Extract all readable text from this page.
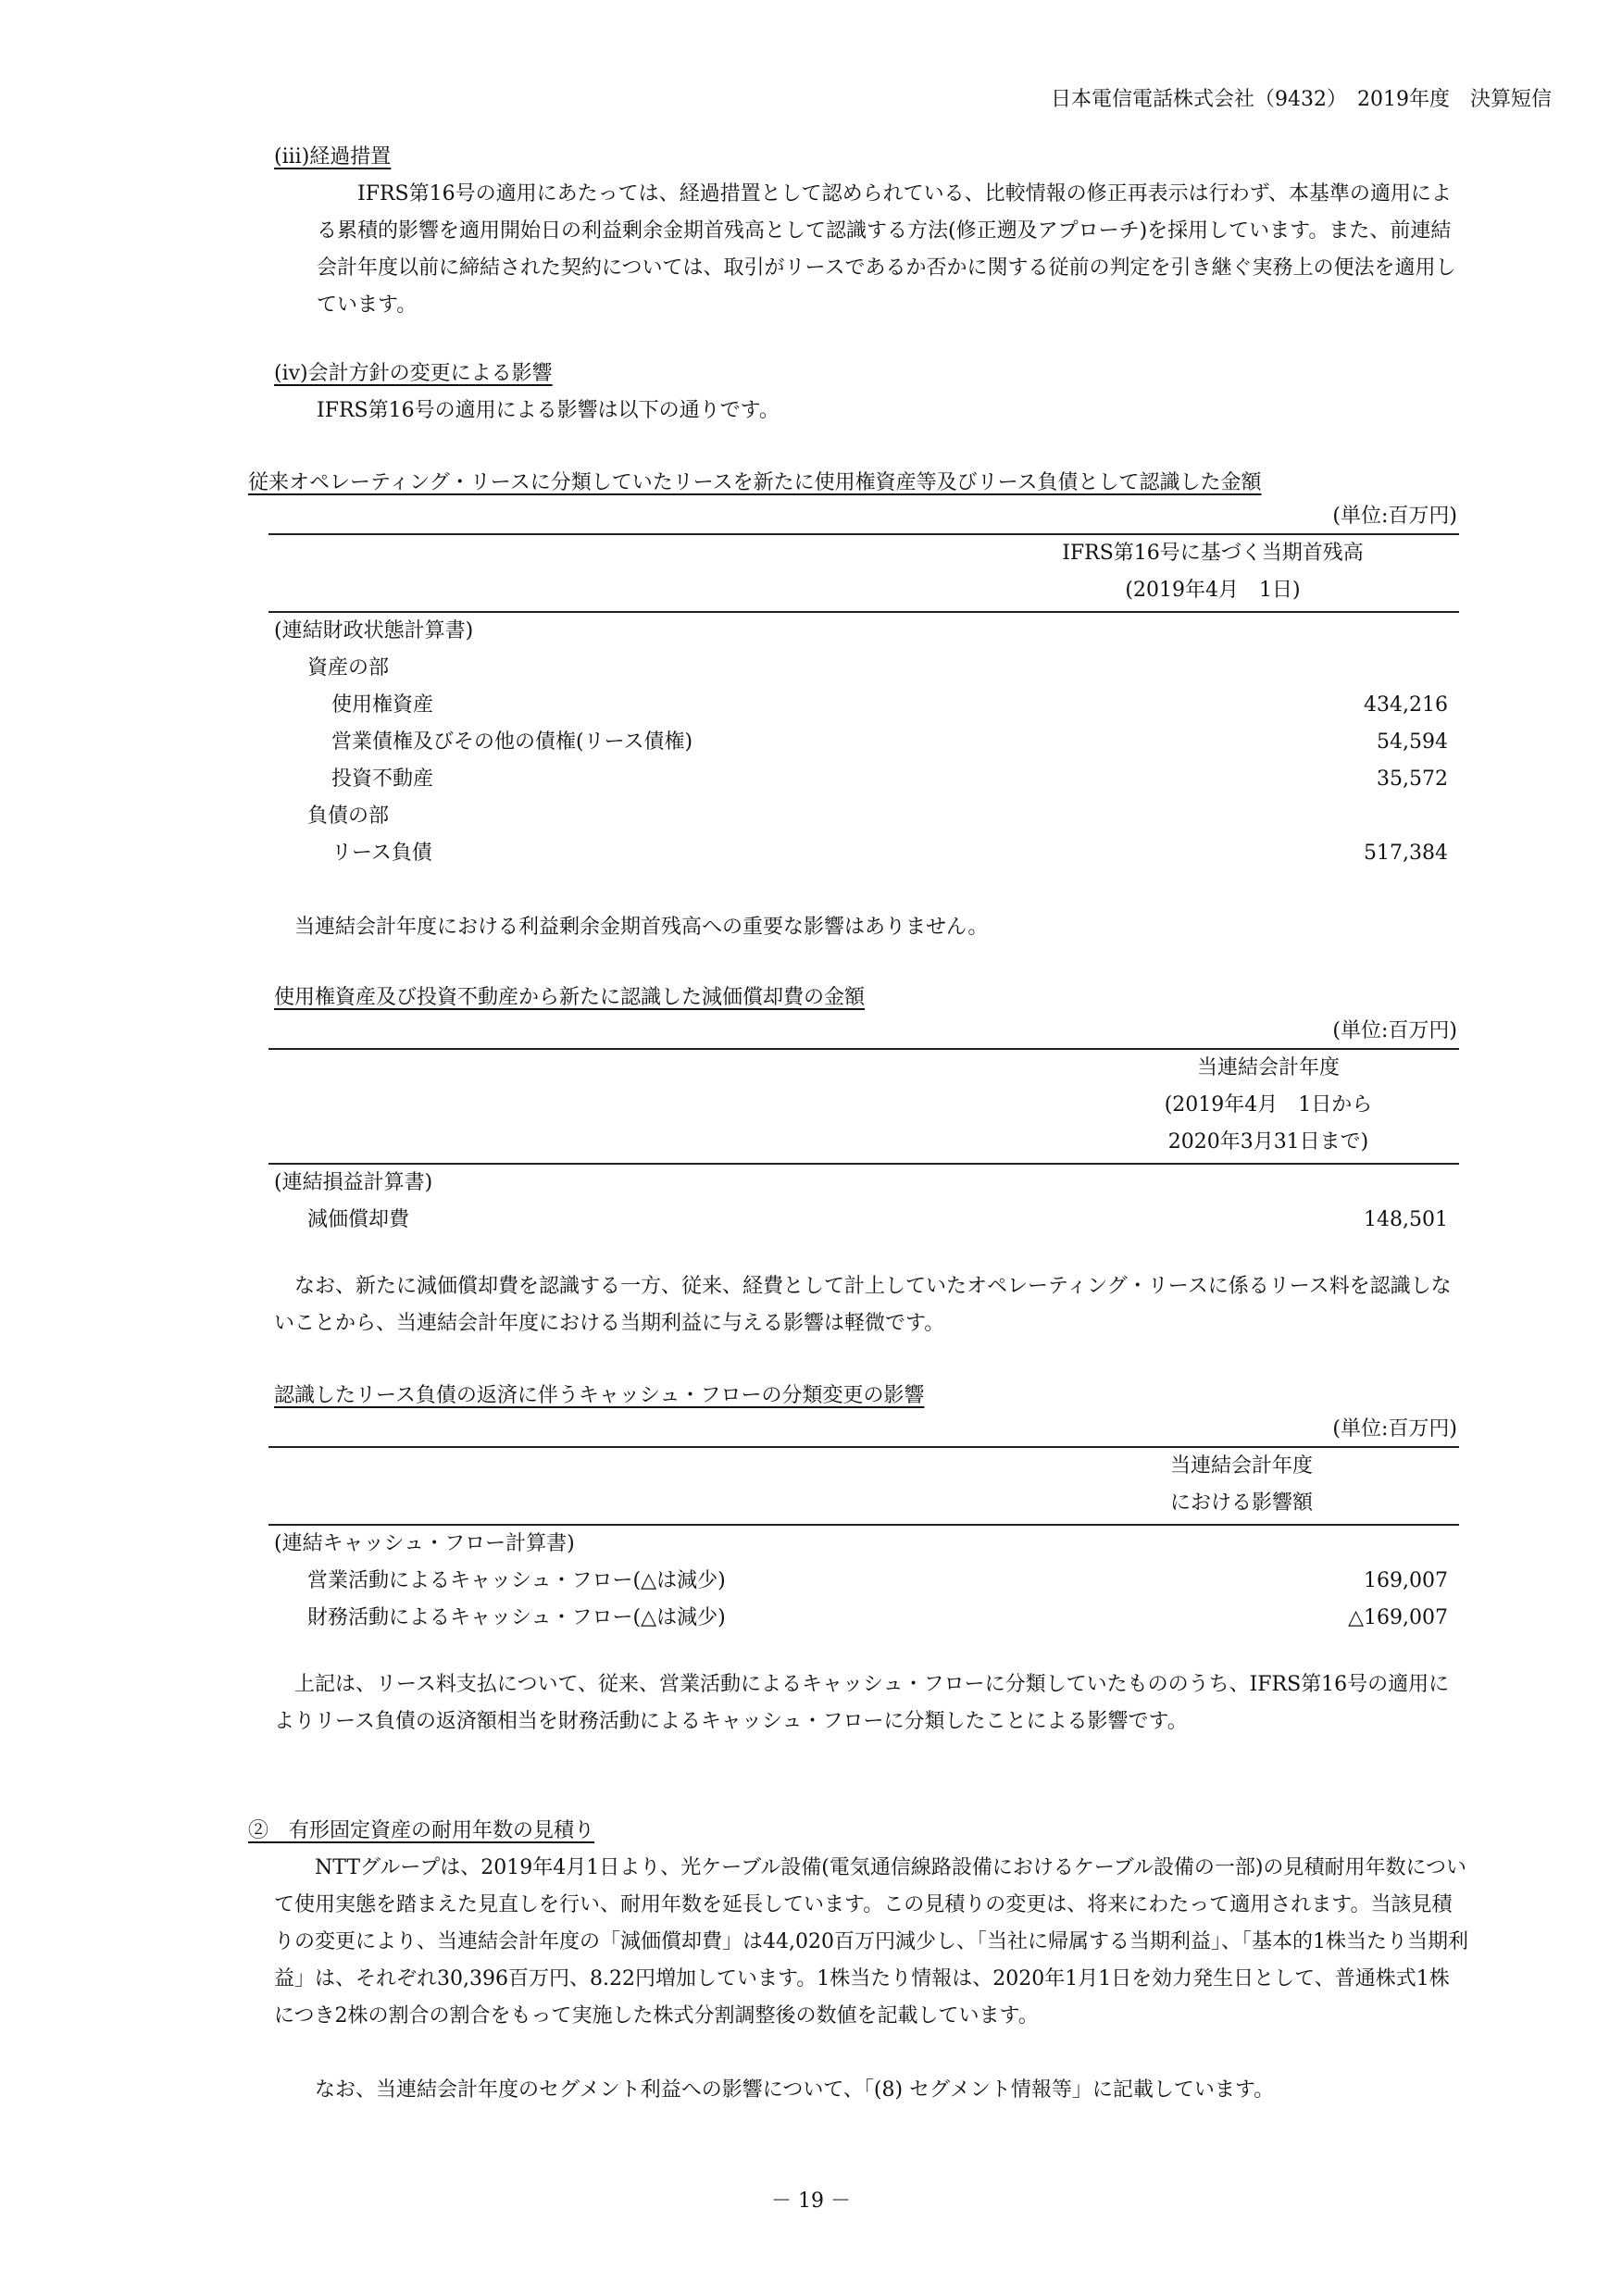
日本電信電話株式会社（9432）　2019年度　決算短信
(iii)経過措置
　IFRS第16号の適用にあたっては、経過措置として認められている、比較情報の修正再表示は行わず、本基準の適用による累積的影響を適用開始日の利益剰余金期首残高として認識する方法(修正遡及アプローチ)を採用しています。また、前連結会計年度以前に締結された契約については、取引がリースであるか否かに関する従前の判定を引き継ぐ実務上の便法を適用しています。
(iv)会計方針の変更による影響
IFRS第16号の適用による影響は以下の通りです。
従来オペレーティング・リースに分類していたリースを新たに使用権資産等及びリース負債として認識した金額
(単位:百万円)
IFRS第16号に基づく当期首残高
(2019年4月　1日)
(連結財政状態計算書)
資産の部
使用権資産	434,216
営業債権及びその他の債権(リース債権)	54,594
投資不動産	35,572
負債の部
リース負債	517,384
当連結会計年度における利益剰余金期首残高への重要な影響はありません。
使用権資産及び投資不動産から新たに認識した減価償却費の金額
(単位:百万円)
当連結会計年度
(2019年4月　1日から
2020年3月31日まで)
(連結損益計算書)
減価償却費	148,501
なお、新たに減価償却費を認識する一方、従来、経費として計上していたオペレーティング・リースに係るリース料を認識しないことから、当連結会計年度における当期利益に与える影響は軽微です。
認識したリース負債の返済に伴うキャッシュ・フローの分類変更の影響
(単位:百万円)
当連結会計年度
における影響額
(連結キャッシュ・フロー計算書)
営業活動によるキャッシュ・フロー(△は減少)	169,007
財務活動によるキャッシュ・フロー(△は減少)	△169,007
上記は、リース料支払について、従来、営業活動によるキャッシュ・フローに分類していたもののうち、IFRS第16号の適用によりリース負債の返済額相当を財務活動によるキャッシュ・フローに分類したことによる影響です。
②　有形固定資産の耐用年数の見積り
NTTグループは、2019年4月1日より、光ケーブル設備(電気通信線路設備におけるケーブル設備の一部)の見積耐用年数について使用実態を踏まえた見直しを行い、耐用年数を延長しています。この見積りの変更は、将来にわたって適用されます。当該見積りの変更により、当連結会計年度の「減価償却費」は44,020百万円減少し、「当社に帰属する当期利益」、「基本的1株当たり当期利益」は、それぞれ30,396百万円、8.22円増加しています。1株当たり情報は、2020年1月1日を効力発生日として、普通株式1株につき2株の割合の割合をもって実施した株式分割調整後の数値を記載しています。
なお、当連結会計年度のセグメント利益への影響について、「(8) セグメント情報等」に記載しています。
－ 19 －
